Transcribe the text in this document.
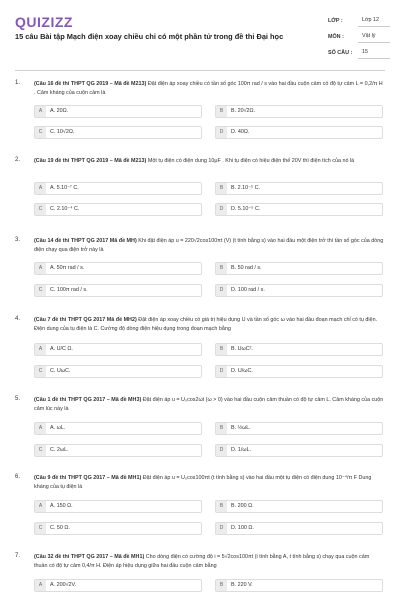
QUIZIZZ
15 câu Bài tập Mạch điện xoay chiều chỉ có một phần tử trong đề thi Đại học
LỚP :	Lớp 12
MÔN :	Vật lý
SỐ CÂU :	15
1.	(Câu 16 đề thi THPT QG 2019 – Mã đề M213) Đặt điện áp xoay chiều có tần số góc 100π rad / s vào hai đầu cuộn cảm có độ tự cảm L = 0,2/π H . Cảm kháng của cuộn cảm là
A	A. 20Ω.	B	B. 20√2Ω.
C	C. 10√2Ω.	D	D. 40Ω.
2.	(Câu 19 đề thi THPT QG 2019 – Mã đề M213) Một tụ điện có điện dung 10μF . Khi tụ điện có hiệu điện thế 20V thì điện tích của nó là
A	A. 5.10⁻⁷ C.	B	B. 2.10⁻⁵ C.
C	C. 2.10⁻⁴ C.	D	D. 5.10⁻⁵ C.
3.	(Câu 14 đề thi THPT QG 2017 Mã đề MH) Khi đặt điện áp u = 220√2cos100πt (V) (t tính bằng s) vào hai đầu một điện trở thì tần số góc của dòng điện chạy qua điện trở này là
A	A. 50π rad / s.	B	B. 50 rad / s.
C	C. 100π rad / s.	D	D. 100 rad / s.
4.	(Câu 7 đề thi THPT QG 2017 Mã đề MH2) Đặt điện áp xoay chiều có giá trị hiệu dụng U và tần số góc ω vào hai đầu đoạn mạch chỉ có tụ điện. Điện dung của tụ điện là C. Cường độ dòng điện hiệu dụng trong đoạn mạch bằng
A	A. U/C Ω.	B	B. UωC².
C	C. UωC.	D	D. U/ωC.
5.	(Câu 1 đề thi THPT QG 2017 – Mã đề MH3) Đặt điện áp u = U₀cos2ωt (ω > 0) vào hai đầu cuộn cảm thuần có độ tự cảm L. Cảm kháng của cuộn cảm lúc này là
A	A. ωL.	B	B. ½ωL.
C	C. 2ωL.	D	D. 1/ωL.
6.	(Câu 9 đề thi THPT QG 2017 – Mã đề MH1) Đặt điện áp u = U₀cos100πt (t tính bằng s) vào hai đầu một tụ điện có điện dung 10⁻⁴/π F Dung kháng của tụ điện là
A	A. 150 Ω.	B	B. 200 Ω.
C	C. 50 Ω.	D	D. 100 Ω.
7.	(Câu 32 đề thi THPT QG 2017 – Mã đề MH1) Cho dòng điện có cường độ i = 5√2cos100πt (i tính bằng A, t tính bằng s) chạy qua cuộn cảm thuần có độ tự cảm 0,4/π H. Điện áp hiệu dụng giữa hai đầu cuộn cảm bằng
A	A. 200√2V.	B	B. 220 V.
